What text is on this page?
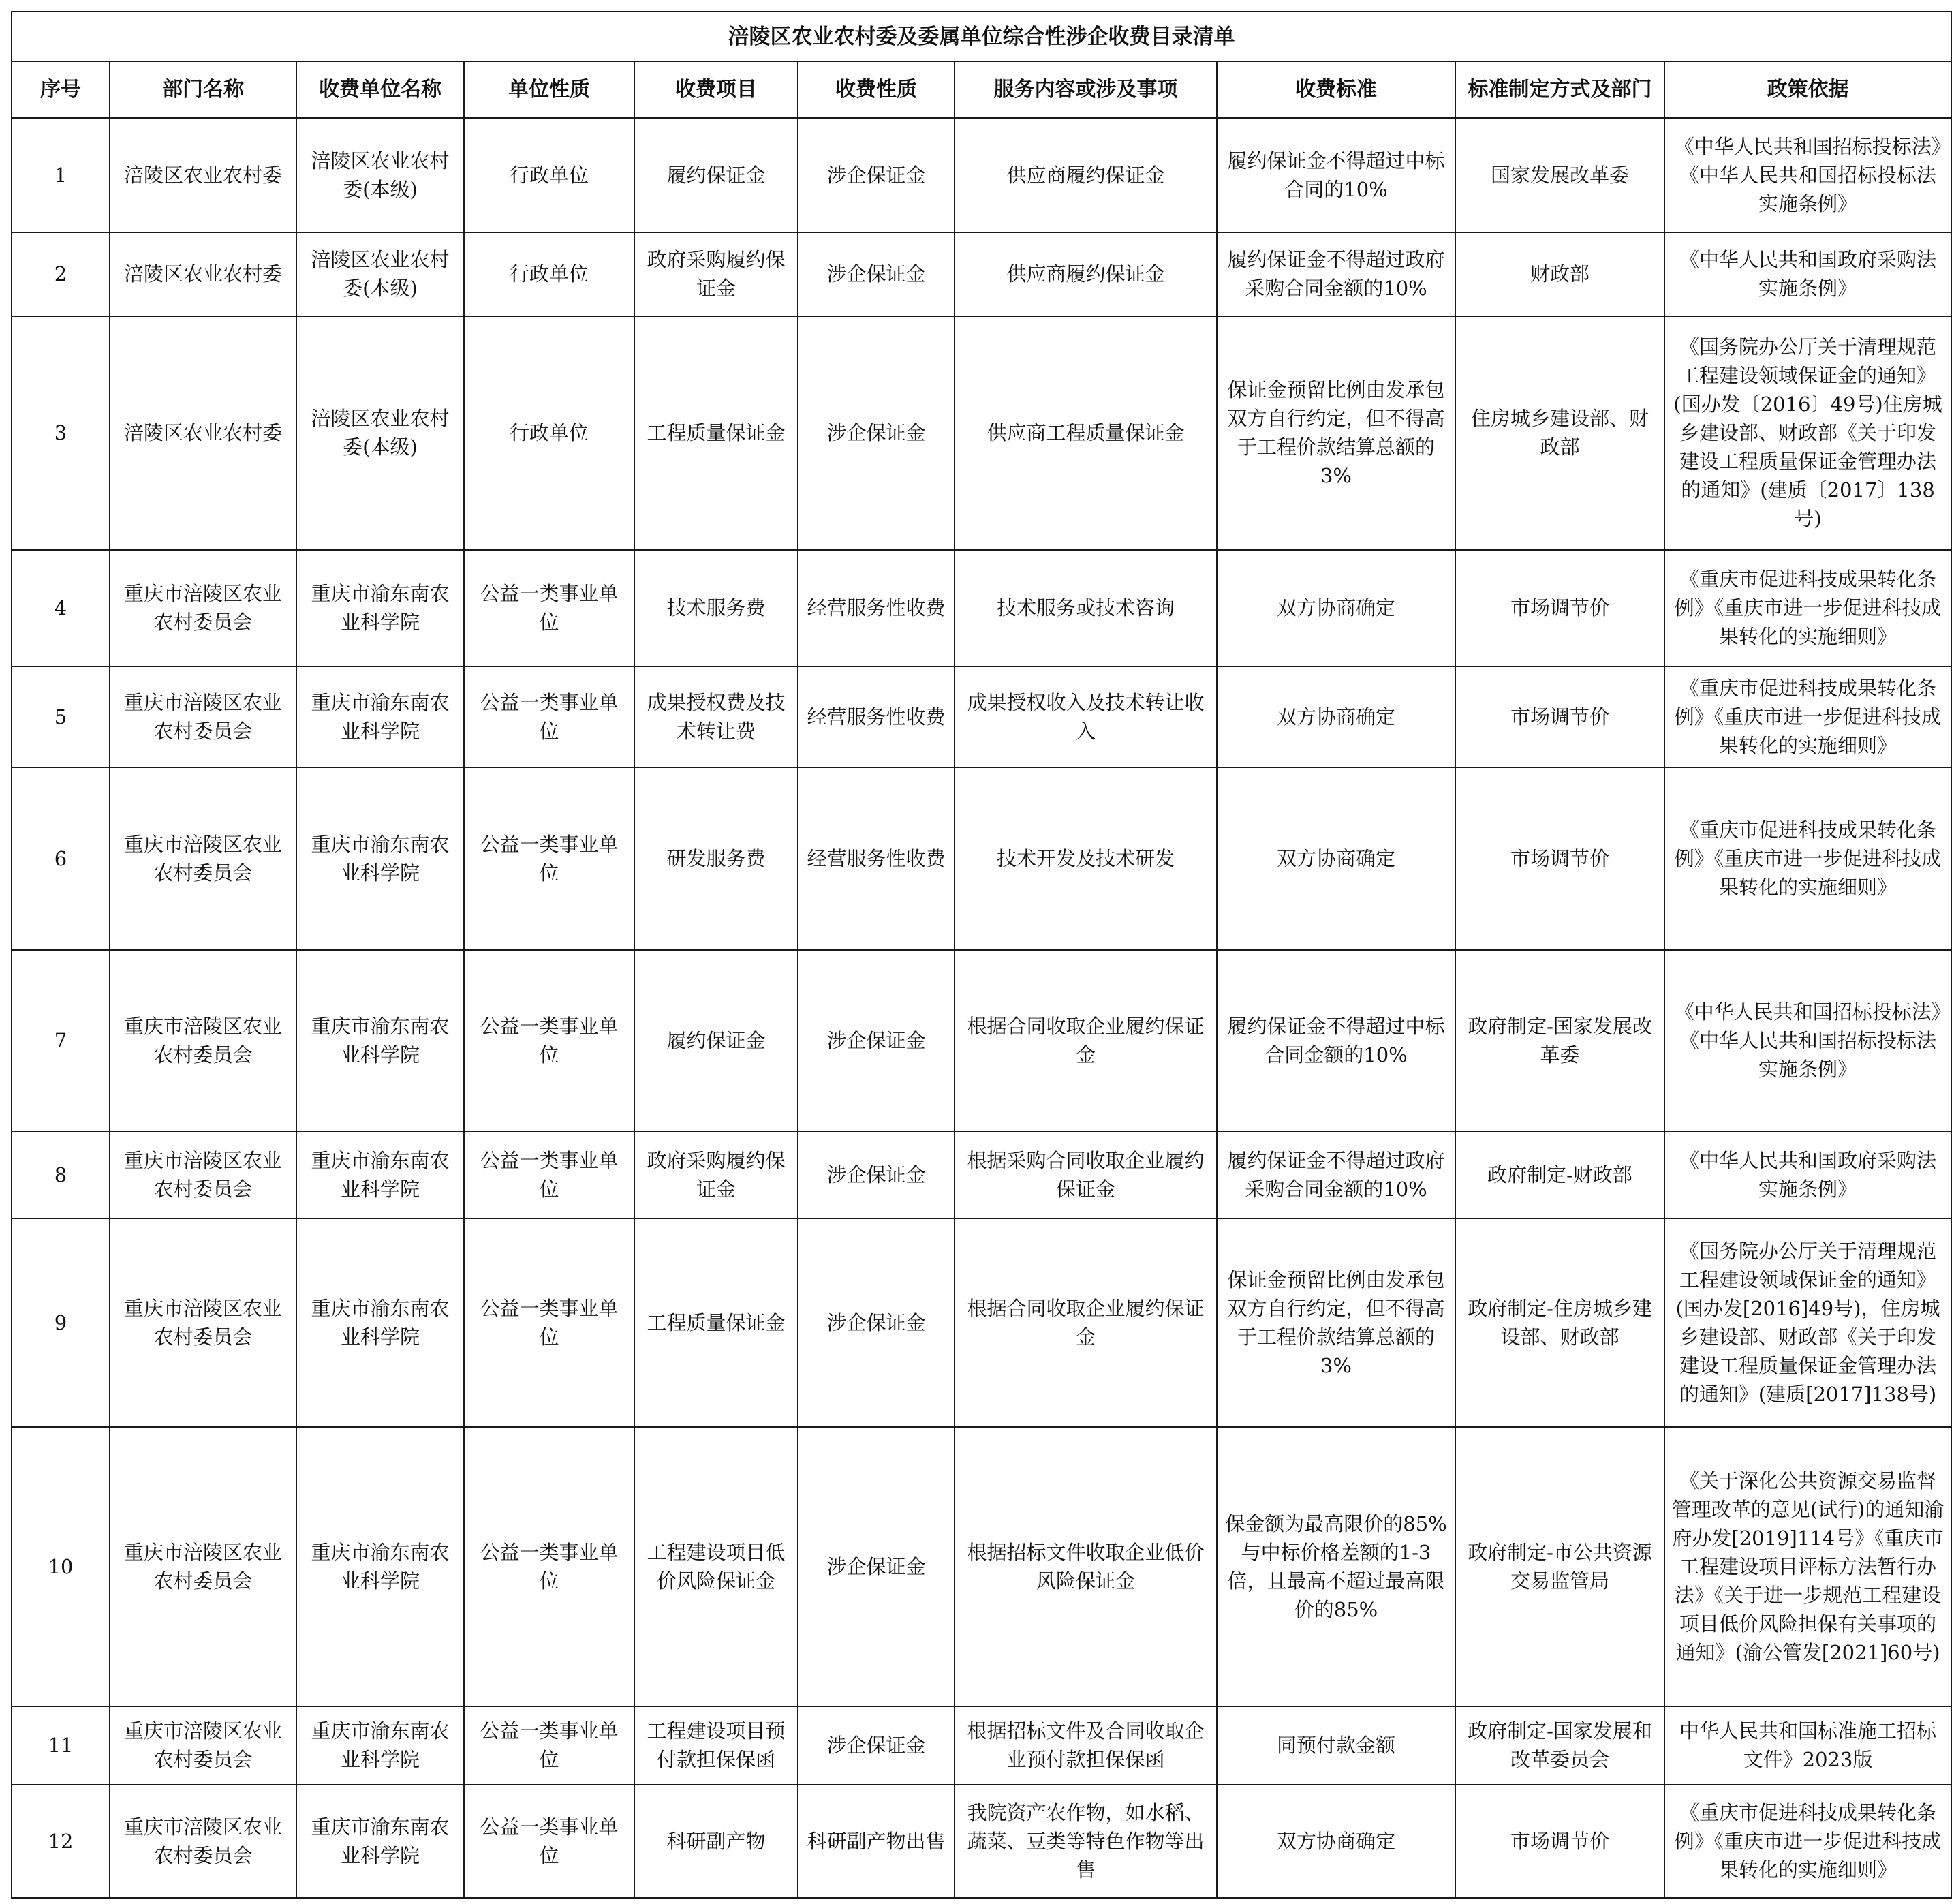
涪陵区农业农村委及委属单位综合性涉企收费目录清单									
序号	部门名称	收费单位名称	单位性质	收费项目	收费性质	服务内容或涉及事项	收费标准	标准制定方式及部门	政策依据
1	涪陵区农业农村委	涪陵区农业农村委(本级)	行政单位	履约保证金	涉企保证金	供应商履约保证金	履约保证金不得超过中标合同的10%	国家发展改革委	《中华人民共和国招标投标法》《中华人民共和国招标投标法实施条例》
2	涪陵区农业农村委	涪陵区农业农村委(本级)	行政单位	政府采购履约保证金	涉企保证金	供应商履约保证金	履约保证金不得超过政府采购合同金额的10%	财政部	《中华人民共和国政府采购法实施条例》
3	涪陵区农业农村委	涪陵区农业农村委(本级)	行政单位	工程质量保证金	涉企保证金	供应商工程质量保证金	保证金预留比例由发承包双方自行约定，但不得高于工程价款结算总额的3%	住房城乡建设部、财政部	《国务院办公厅关于清理规范工程建设领域保证金的通知》(国办发〔2016〕49号)住房城乡建设部、财政部《关于印发建设工程质量保证金管理办法的通知》(建质〔2017〕138号)
4	重庆市涪陵区农业农村委员会	重庆市渝东南农业科学院	公益一类事业单位	技术服务费	经营服务性收费	技术服务或技术咨询	双方协商确定	市场调节价	《重庆市促进科技成果转化条例》《重庆市进一步促进科技成果转化的实施细则》
5	重庆市涪陵区农业农村委员会	重庆市渝东南农业科学院	公益一类事业单位	成果授权费及技术转让费	经营服务性收费	成果授权收入及技术转让收入	双方协商确定	市场调节价	《重庆市促进科技成果转化条例》《重庆市进一步促进科技成果转化的实施细则》
6	重庆市涪陵区农业农村委员会	重庆市渝东南农业科学院	公益一类事业单位	研发服务费	经营服务性收费	技术开发及技术研发	双方协商确定	市场调节价	《重庆市促进科技成果转化条例》《重庆市进一步促进科技成果转化的实施细则》
7	重庆市涪陵区农业农村委员会	重庆市渝东南农业科学院	公益一类事业单位	履约保证金	涉企保证金	根据合同收取企业履约保证金	履约保证金不得超过中标合同金额的10%	政府制定-国家发展改革委	《中华人民共和国招标投标法》《中华人民共和国招标投标法实施条例》
8	重庆市涪陵区农业农村委员会	重庆市渝东南农业科学院	公益一类事业单位	政府采购履约保证金	涉企保证金	根据采购合同收取企业履约保证金	履约保证金不得超过政府采购合同金额的10%	政府制定-财政部	《中华人民共和国政府采购法实施条例》
9	重庆市涪陵区农业农村委员会	重庆市渝东南农业科学院	公益一类事业单位	工程质量保证金	涉企保证金	根据合同收取企业履约保证金	保证金预留比例由发承包双方自行约定，但不得高于工程价款结算总额的3%	政府制定-住房城乡建设部、财政部	《国务院办公厅关于清理规范工程建设领域保证金的通知》(国办发[2016]49号)，住房城乡建设部、财政部《关于印发建设工程质量保证金管理办法的通知》(建质[2017]138号)
10	重庆市涪陵区农业农村委员会	重庆市渝东南农业科学院	公益一类事业单位	工程建设项目低价风险保证金	涉企保证金	根据招标文件收取企业低价风险保证金	保金额为最高限价的85%与中标价格差额的1-3倍，且最高不超过最高限价的85%	政府制定-市公共资源交易监管局	《关于深化公共资源交易监督管理改革的意见(试行)的通知渝府办发[2019]114号》《重庆市工程建设项目评标方法暂行办法》《关于进一步规范工程建设项目低价风险担保有关事项的通知》(渝公管发[2021]60号)
11	重庆市涪陵区农业农村委员会	重庆市渝东南农业科学院	公益一类事业单位	工程建设项目预付款担保保函	涉企保证金	根据招标文件及合同收取企业预付款担保保函	同预付款金额	政府制定-国家发展和改革委员会	中华人民共和国标准施工招标文件》2023版
12	重庆市涪陵区农业农村委员会	重庆市渝东南农业科学院	公益一类事业单位	科研副产物	科研副产物出售	我院资产农作物，如水稻、蔬菜、豆类等特色作物等出售	双方协商确定	市场调节价	《重庆市促进科技成果转化条例》《重庆市进一步促进科技成果转化的实施细则》
